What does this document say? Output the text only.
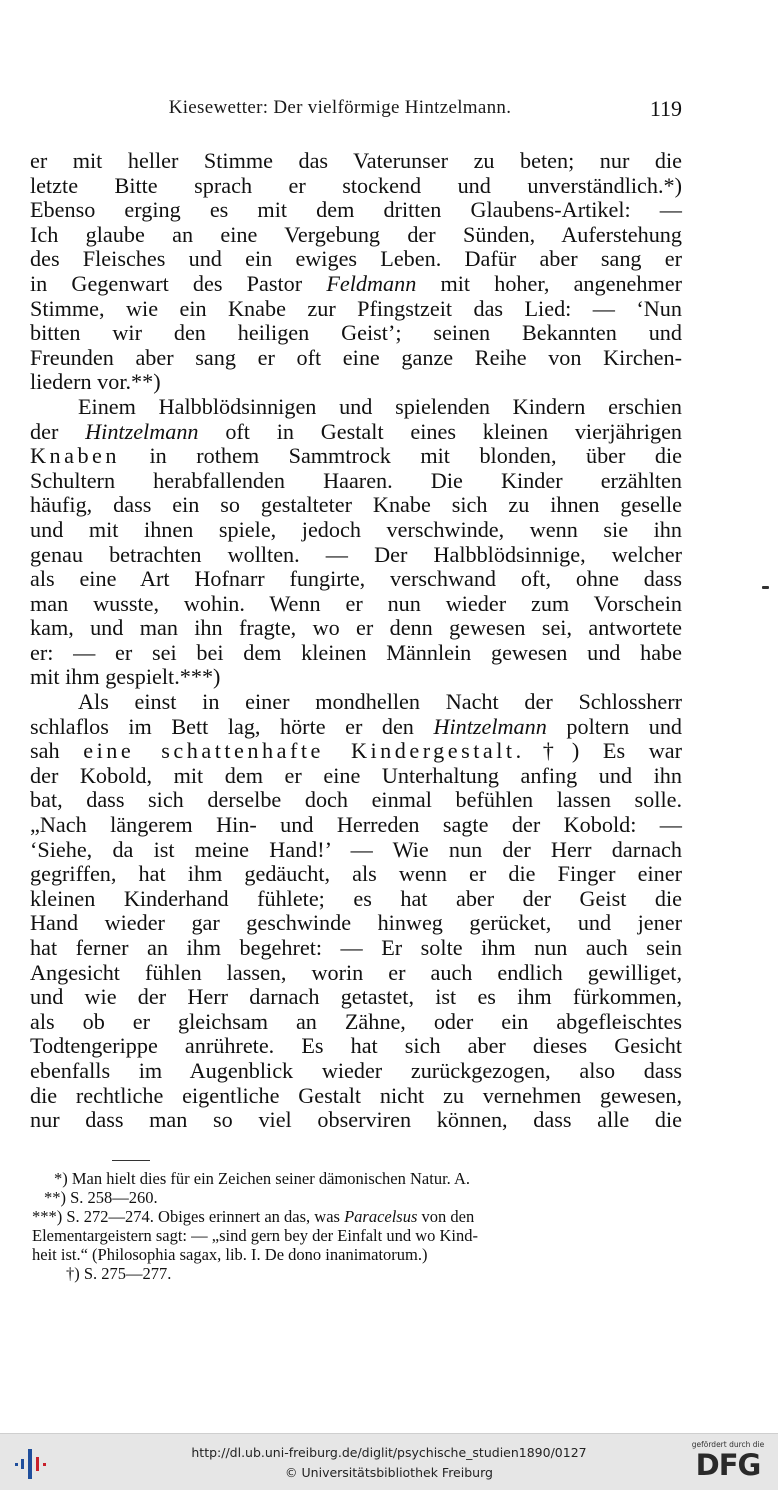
Kiesewetter: Der vielförmige Hintzelmann.	119
er mit heller Stimme das Vaterunser zu beten; nur die
letzte Bitte sprach er stockend und unverständlich.*)
Ebenso erging es mit dem dritten Glaubens-Artikel: —
Ich glaube an eine Vergebung der Sünden, Auferstehung
des Fleisches und ein ewiges Leben. Dafür aber sang er
in Gegenwart des Pastor Feldmann mit hoher, angenehmer
Stimme, wie ein Knabe zur Pfingstzeit das Lied: — ‘Nun
bitten wir den heiligen Geist’; seinen Bekannten und
Freunden aber sang er oft eine ganze Reihe von Kirchen-
liedern vor.**)
Einem Halbblödsinnigen und spielenden Kindern erschien
der Hintzelmann oft in Gestalt eines kleinen vierjährigen
Knaben in rothem Sammtrock mit blonden, über die
Schultern herabfallenden Haaren. Die Kinder erzählten
häufig, dass ein so gestalteter Knabe sich zu ihnen geselle
und mit ihnen spiele, jedoch verschwinde, wenn sie ihn
genau betrachten wollten. — Der Halbblödsinnige, welcher
als eine Art Hofnarr fungirte, verschwand oft, ohne dass
man wusste, wohin. Wenn er nun wieder zum Vorschein
kam, und man ihn fragte, wo er denn gewesen sei, antwortete
er: — er sei bei dem kleinen Männlein gewesen und habe
mit ihm gespielt.***)
Als einst in einer mondhellen Nacht der Schlossherr
schlaflos im Bett lag, hörte er den Hintzelmann poltern und
sah eine schattenhafte Kindergestalt.†) Es war
der Kobold, mit dem er eine Unterhaltung anfing und ihn
bat, dass sich derselbe doch einmal befühlen lassen solle.
„Nach längerem Hin- und Herreden sagte der Kobold: —
‘Siehe, da ist meine Hand!’ — Wie nun der Herr darnach
gegriffen, hat ihm gedäucht, als wenn er die Finger einer
kleinen Kinderhand fühlete; es hat aber der Geist die
Hand wieder gar geschwinde hinweg gerücket, und jener
hat ferner an ihm begehret: — Er solte ihm nun auch sein
Angesicht fühlen lassen, worin er auch endlich gewilliget,
und wie der Herr darnach getastet, ist es ihm fürkommen,
als ob er gleichsam an Zähne, oder ein abgefleischtes
Todtengerippe anrührete. Es hat sich aber dieses Gesicht
ebenfalls im Augenblick wieder zurückgezogen, also dass
die rechtliche eigentliche Gestalt nicht zu vernehmen gewesen,
nur dass man so viel observiren können, dass alle die
*) Man hielt dies für ein Zeichen seiner dämonischen Natur. A.
**) S. 258—260.
***) S. 272—274. Obiges erinnert an das, was Paracelsus von den
Elementargeistern sagt: — „sind gern bey der Einfalt und wo Kind-
heit ist.“ (Philosophia sagax, lib. I. De dono inanimatorum.)
†) S. 275—277.
http://dl.ub.uni-freiburg.de/diglit/psychische_studien1890/0127
© Universitätsbibliothek Freiburg
gefördert durch die
DFG
